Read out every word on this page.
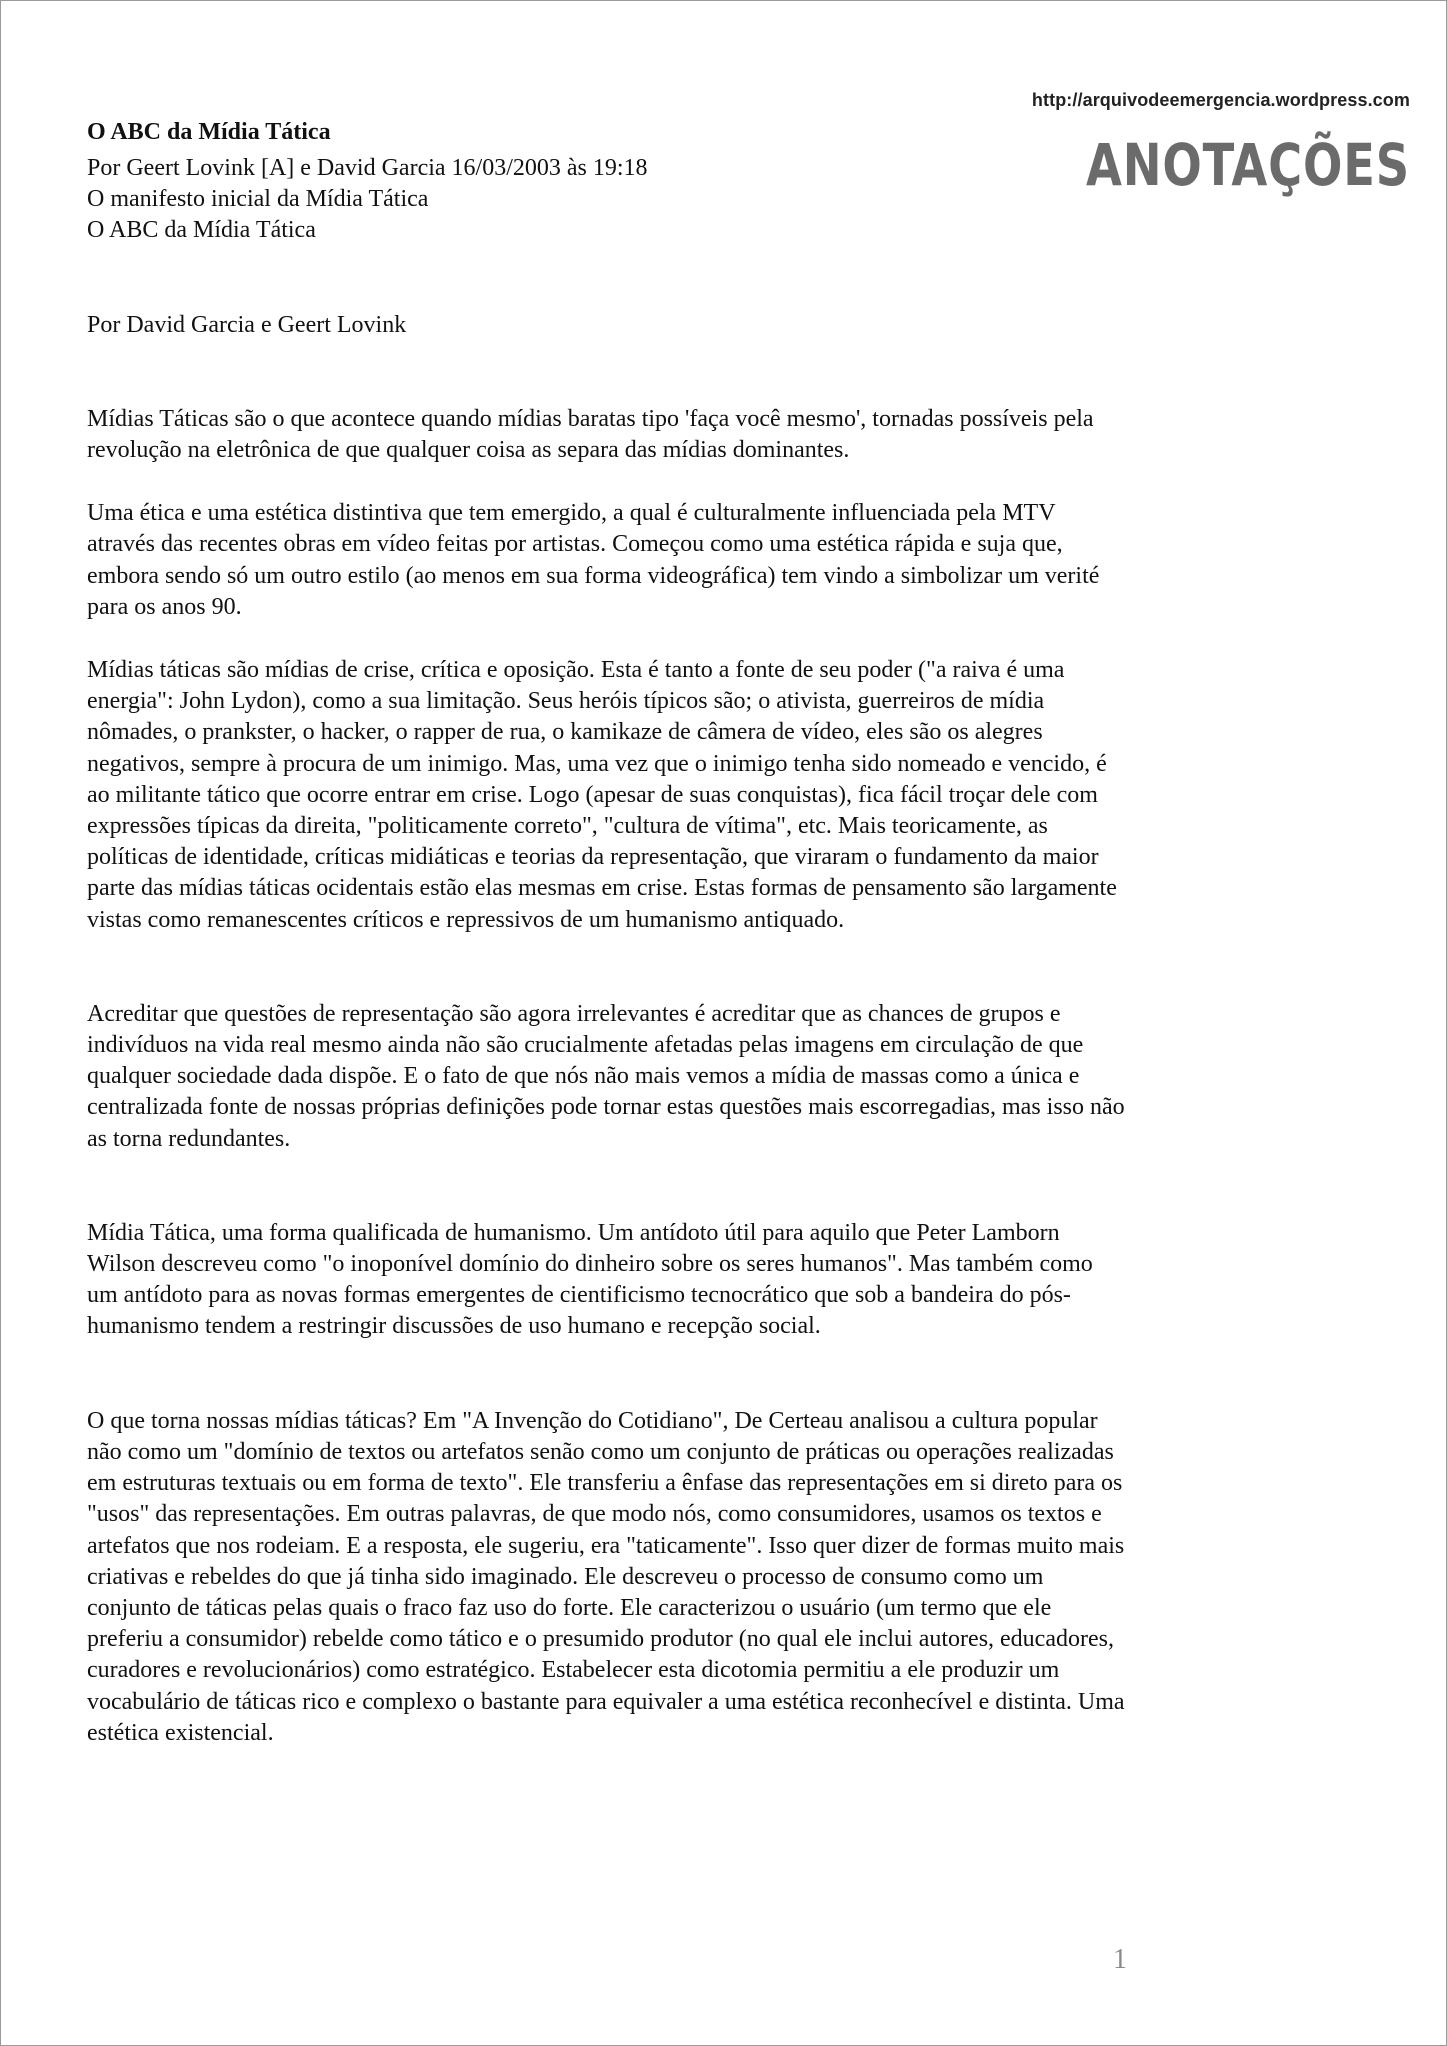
http://arquivodeemergencia.wordpress.com
ANOTAÇÕES

O ABC da Mídia Tática

Por Geert Lovink [A] e David Garcia 16/03/2003 às 19:18

O manifesto inicial da Mídia Tática

O ABC da Mídia Tática

Por David Garcia e Geert Lovink

Mídias Táticas são o que acontece quando mídias baratas tipo 'faça você mesmo', tornadas possíveis pela revolução na eletrônica de que qualquer coisa as separa das mídias dominantes.

Uma ética e uma estética distintiva que tem emergido, a qual é culturalmente influenciada pela MTV através das recentes obras em vídeo feitas por artistas. Começou como uma estética rápida e suja que, embora sendo só um outro estilo (ao menos em sua forma videográfica) tem vindo a simbolizar um verité para os anos 90.

Mídias táticas são mídias de crise, crítica e oposição. Esta é tanto a fonte de seu poder ("a raiva é uma energia": John Lydon), como a sua limitação. Seus heróis típicos são; o ativista, guerreiros de mídia nômades, o prankster, o hacker, o rapper de rua, o kamikaze de câmera de vídeo, eles são os alegres negativos, sempre à procura de um inimigo. Mas, uma vez que o inimigo tenha sido nomeado e vencido, é ao militante tático que ocorre entrar em crise. Logo (apesar de suas conquistas), fica fácil troçar dele com expressões típicas da direita, "politicamente correto", "cultura de vítima", etc. Mais teoricamente, as políticas de identidade, críticas midiáticas e teorias da representação, que viraram o fundamento da maior parte das mídias táticas ocidentais estão elas mesmas em crise. Estas formas de pensamento são largamente vistas como remanescentes críticos e repressivos de um humanismo antiquado.

Acreditar que questões de representação são agora irrelevantes é acreditar que as chances de grupos e indivíduos na vida real mesmo ainda não são crucialmente afetadas pelas imagens em circulação de que qualquer sociedade dada dispõe. E o fato de que nós não mais vemos a mídia de massas como a única e centralizada fonte de nossas próprias definições pode tornar estas questões mais escorregadias, mas isso não as torna redundantes.

Mídia Tática, uma forma qualificada de humanismo. Um antídoto útil para aquilo que Peter Lamborn Wilson descreveu como "o inoponível domínio do dinheiro sobre os seres humanos". Mas também como um antídoto para as novas formas emergentes de cientificismo tecnocrático que sob a bandeira do pós-humanismo tendem a restringir discussões de uso humano e recepção social.

O que torna nossas mídias táticas? Em "A Invenção do Cotidiano", De Certeau analisou a cultura popular não como um "domínio de textos ou artefatos senão como um conjunto de práticas ou operações realizadas em estruturas textuais ou em forma de texto". Ele transferiu a ênfase das representações em si direto para os "usos" das representações. Em outras palavras, de que modo nós, como consumidores, usamos os textos e artefatos que nos rodeiam. E a resposta, ele sugeriu, era "taticamente". Isso quer dizer de formas muito mais criativas e rebeldes do que já tinha sido imaginado. Ele descreveu o processo de consumo como um conjunto de táticas pelas quais o fraco faz uso do forte. Ele caracterizou o usuário (um termo que ele preferiu a consumidor) rebelde como tático e o presumido produtor (no qual ele inclui autores, educadores, curadores e revolucionários) como estratégico. Estabelecer esta dicotomia permitiu a ele produzir um vocabulário de táticas rico e complexo o bastante para equivaler a uma estética reconhecível e distinta. Uma estética existencial.

1
